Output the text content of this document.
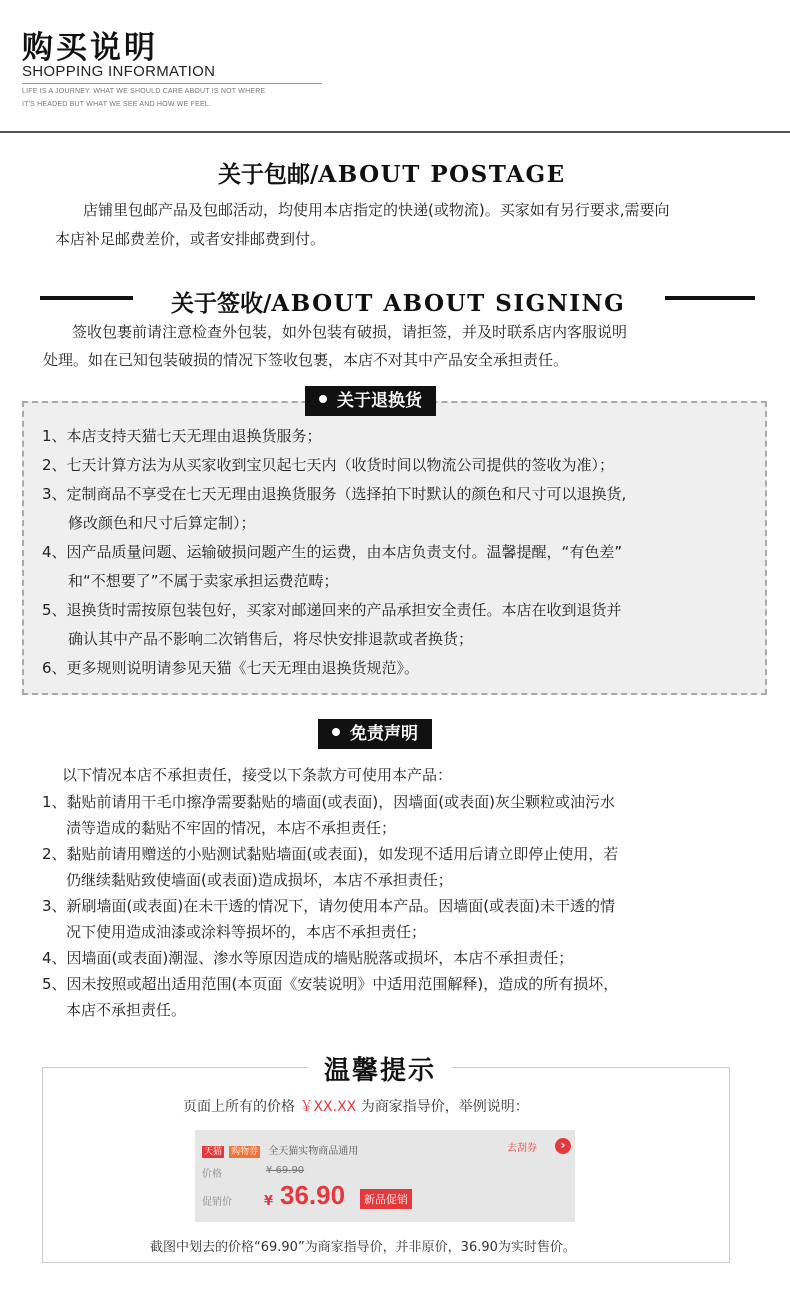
购买说明
SHOPPING INFORMATION
LIFE IS A JOURNEY. WHAT WE SHOULD CARE ABOUT IS NOT WHERE
IT'S HEADED BUT WHAT WE SEE AND HOW WE FEEL.
关于包邮/ABOUT POSTAGE
店铺里包邮产品及包邮活动，均使用本店指定的快递(或物流)。买家如有另行要求,需要向
本店补足邮费差价，或者安排邮费到付。
关于签收/ABOUT ABOUT SIGNING
签收包裹前请注意检查外包装，如外包装有破损，请拒签，并及时联系店内客服说明
处理。如在已知包装破损的情况下签收包裹，本店不对其中产品安全承担责任。
关于退换货
1、本店支持天猫七天无理由退换货服务；
2、七天计算方法为从买家收到宝贝起七天内（收货时间以物流公司提供的签收为准）；
3、定制商品不享受在七天无理由退换货服务（选择拍下时默认的颜色和尺寸可以退换货,
修改颜色和尺寸后算定制）；
4、因产品质量问题、运输破损问题产生的运费，由本店负责支付。温馨提醒，“有色差”
和“不想要了”不属于卖家承担运费范畴；
5、退换货时需按原包装包好，买家对邮递回来的产品承担安全责任。本店在收到退货并
确认其中产品不影响二次销售后，将尽快安排退款或者换货；
6、更多规则说明请参见天猫《七天无理由退换货规范》。
免责声明
以下情况本店不承担责任，接受以下条款方可使用本产品：
1、黏贴前请用干毛巾擦净需要黏贴的墙面(或表面)，因墙面(或表面)灰尘颗粒或油污水
渍等造成的黏贴不牢固的情况，本店不承担责任；
2、黏贴前请用赠送的小贴测试黏贴墙面(或表面)，如发现不适用后请立即停止使用，若
仍继续黏贴致使墙面(或表面)造成损坏，本店不承担责任；
3、新刷墙面(或表面)在未干透的情况下，请勿使用本产品。因墙面(或表面)未干透的情
况下使用造成油漆或涂料等损坏的，本店不承担责任；
4、因墙面(或表面)潮湿、渗水等原因造成的墙贴脱落或损坏，本店不承担责任；
5、因未按照或超出适用范围(本页面《安装说明》中适用范围解释)，造成的所有损坏，
本店不承担责任。
温馨提示
页面上所有的价格 ￥XX.XX 为商家指导价，举例说明：
天猫 购物券 全天猫实物商品通用	去刮券	›
价格	¥ 69.90
促销价 ¥ 36.90	新品促销
截图中划去的价格“69.90”为商家指导价，并非原价，36.90为实时售价。
